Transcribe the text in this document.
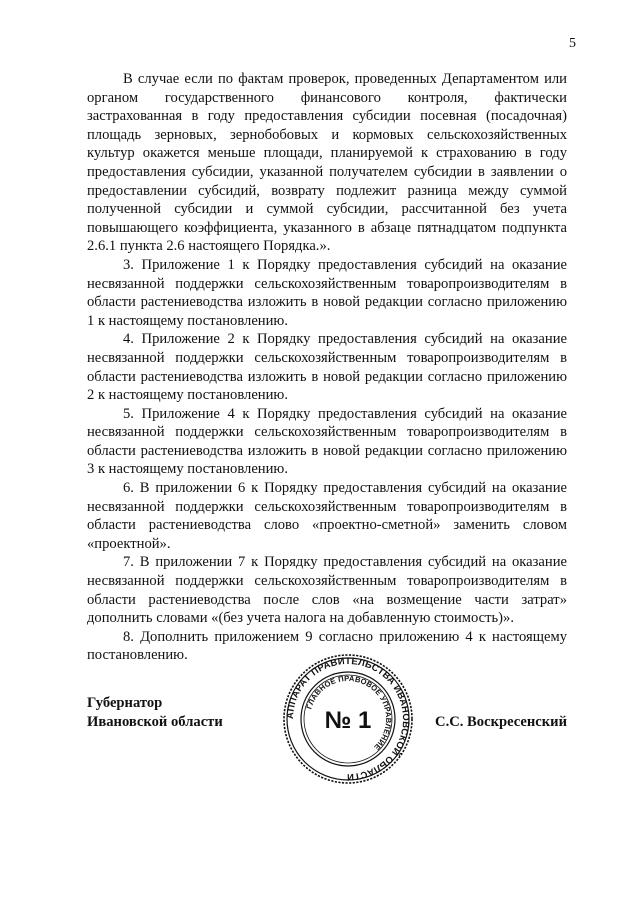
5

В случае если по фактам проверок, проведенных Департаментом или органом государственного финансового контроля, фактически застрахованная в году предоставления субсидии посевная (посадочная) площадь зерновых, зернобобовых и кормовых сельскохозяйственных культур окажется меньше площади, планируемой к страхованию в году предоставления субсидии, указанной получателем субсидии в заявлении о предоставлении субсидий, возврату подлежит разница между суммой полученной субсидии и суммой субсидии, рассчитанной без учета повышающего коэффициента, указанного в абзаце пятнадцатом подпункта 2.6.1 пункта 2.6 настоящего Порядка.».

3. Приложение 1 к Порядку предоставления субсидий на оказание несвязанной поддержки сельскохозяйственным товаропроизводителям в области растениеводства изложить в новой редакции согласно приложению 1 к настоящему постановлению.

4. Приложение 2 к Порядку предоставления субсидий на оказание несвязанной поддержки сельскохозяйственным товаропроизводителям в области растениеводства изложить в новой редакции согласно приложению 2 к настоящему постановлению.

5. Приложение 4 к Порядку предоставления субсидий на оказание несвязанной поддержки сельскохозяйственным товаропроизводителям в области растениеводства изложить в новой редакции согласно приложению 3 к настоящему постановлению.

6. В приложении 6 к Порядку предоставления субсидий на оказание несвязанной поддержки сельскохозяйственным товаропроизводителям в области растениеводства слово «проектно-сметной» заменить словом «проектной».

7. В приложении 7 к Порядку предоставления субсидий на оказание несвязанной поддержки сельскохозяйственным товаропроизводителям в области растениеводства после слов «на возмещение части затрат» дополнить словами «(без учета налога на добавленную стоимость)».

8. Дополнить приложением 9 согласно приложению 4 к настоящему постановлению.

Губернатор
Ивановской области	С.С. Воскресенский
АППАРАТ ПРАВИТЕЛЬСТВА ИВАНОВСКОЙ ОБЛАСТИ
ГЛАВНОЕ ПРАВОВОЕ УПРАВЛЕНИЕ
№ 1
